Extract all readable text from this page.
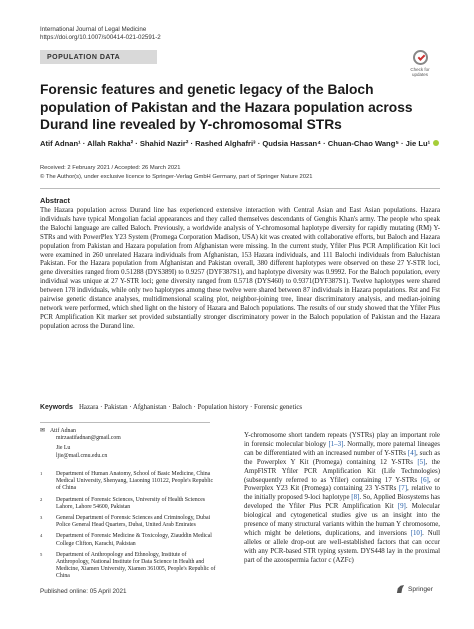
International Journal of Legal Medicine
https://doi.org/10.1007/s00414-021-02591-2
POPULATION DATA
Check for updates
Forensic features and genetic legacy of the Baloch population of Pakistan and the Hazara population across Durand line revealed by Y-chromosomal STRs
Atif Adnan¹ · Allah Rakha² · Shahid Nazir² · Rashed Alghafri³ · Qudsia Hassan⁴ · Chuan-Chao Wang⁵ · Jie Lu¹
Received: 2 February 2021 / Accepted: 26 March 2021
© The Author(s), under exclusive licence to Springer-Verlag GmbH Germany, part of Springer Nature 2021
Abstract
The Hazara population across Durand line has experienced extensive interaction with Central Asian and East Asian populations. Hazara individuals have typical Mongolian facial appearances and they called themselves descendants of Genghis Khan's army. The people who speak the Balochi language are called Baloch. Previously, a worldwide analysis of Y-chromosomal haplotype diversity for rapidly mutating (RM) Y-STRs and with PowerPlex Y23 System (Promega Corporation Madison, USA) kit was created with collaborative efforts, but Baloch and Hazara population from Pakistan and Hazara population from Afghanistan were missing. In the current study, Yfiler Plus PCR Amplification Kit loci were examined in 260 unrelated Hazara individuals from Afghanistan, 153 Hazara individuals, and 111 Balochi individuals from Baluchistan Pakistan. For the Hazara population from Afghanistan and Pakistan overall, 380 different haplotypes were observed on these 27 Y-STR loci, gene diversities ranged from 0.51288 (DYS389I) to 0.9257 (DYF387S1), and haplotype diversity was 0.9992. For the Baloch population, every individual was unique at 27 Y-STR loci; gene diversity ranged from 0.5718 (DYS460) to 0.9371(DYF387S1). Twelve haplotypes were shared between 178 individuals, while only two haplotypes among these twelve were shared between 87 individuals in Hazara populations. Rst and Fst pairwise genetic distance analyses, multidimensional scaling plot, neighbor-joining tree, linear discriminatory analysis, and median-joining network were performed, which shed light on the history of Hazara and Baloch populations. The results of our study showed that the Yfiler Plus PCR Amplification Kit marker set provided substantially stronger discriminatory power in the Baloch population of Pakistan and the Hazara population across the Durand line.
Keywords Hazara · Pakistan · Afghanistan · Baloch · Population history · Forensic genetics
✉ Atif Adnan
mirzaatifadnan@gmail.com
Jie Lu
ljie@mail.cmu.edu.cn
1	Department of Human Anatomy, School of Basic Medicine, China Medical University, Shenyang, Liaoning 110122, People's Republic of China
2	Department of Forensic Sciences, University of Health Sciences Lahore, Lahore 54600, Pakistan
3	General Department of Forensic Sciences and Criminology, Dubai Police General Head Quarters, Dubai, United Arab Emirates
4	Department of Forensic Medicine & Toxicology, Ziauddin Medical College Clifton, Karachi, Pakistan
5	Department of Anthropology and Ethnology, Institute of Anthropology, National Institute for Data Science in Health and Medicine, Xiamen University, Xiamen 361005, People's Republic of China
Y-chromosome short tandem repeats (YSTRs) play an important role in forensic molecular biology [1–3]. Normally, more paternal lineages can be differentiated with an increased number of Y-STRs [4], such as the Powerplex Y Kit (Promega) containing 12 Y-STRs [5], the AmpFlSTR Yfiler PCR Amplification Kit (Life Technologies) (subsequently referred to as Yfiler) containing 17 Y-STRs [6], or Powerplex Y23 Kit (Promega) containing 23 Y-STRs [7], relative to the initially proposed 9-loci haplotype [8]. So, Applied Biosystems has developed the Yfiler Plus PCR Amplification Kit [9]. Molecular biological and cytogenetical studies give us an insight into the presence of many structural variants within the human Y chromosome, which might be deletions, duplications, and inversions [10]. Null alleles or allele drop-out are well-established factors that can occur with any PCR-based STR typing system. DYS448 lay in the proximal part of the azoospermia factor c (AZFc)
Published online: 05 April 2021	Springer
